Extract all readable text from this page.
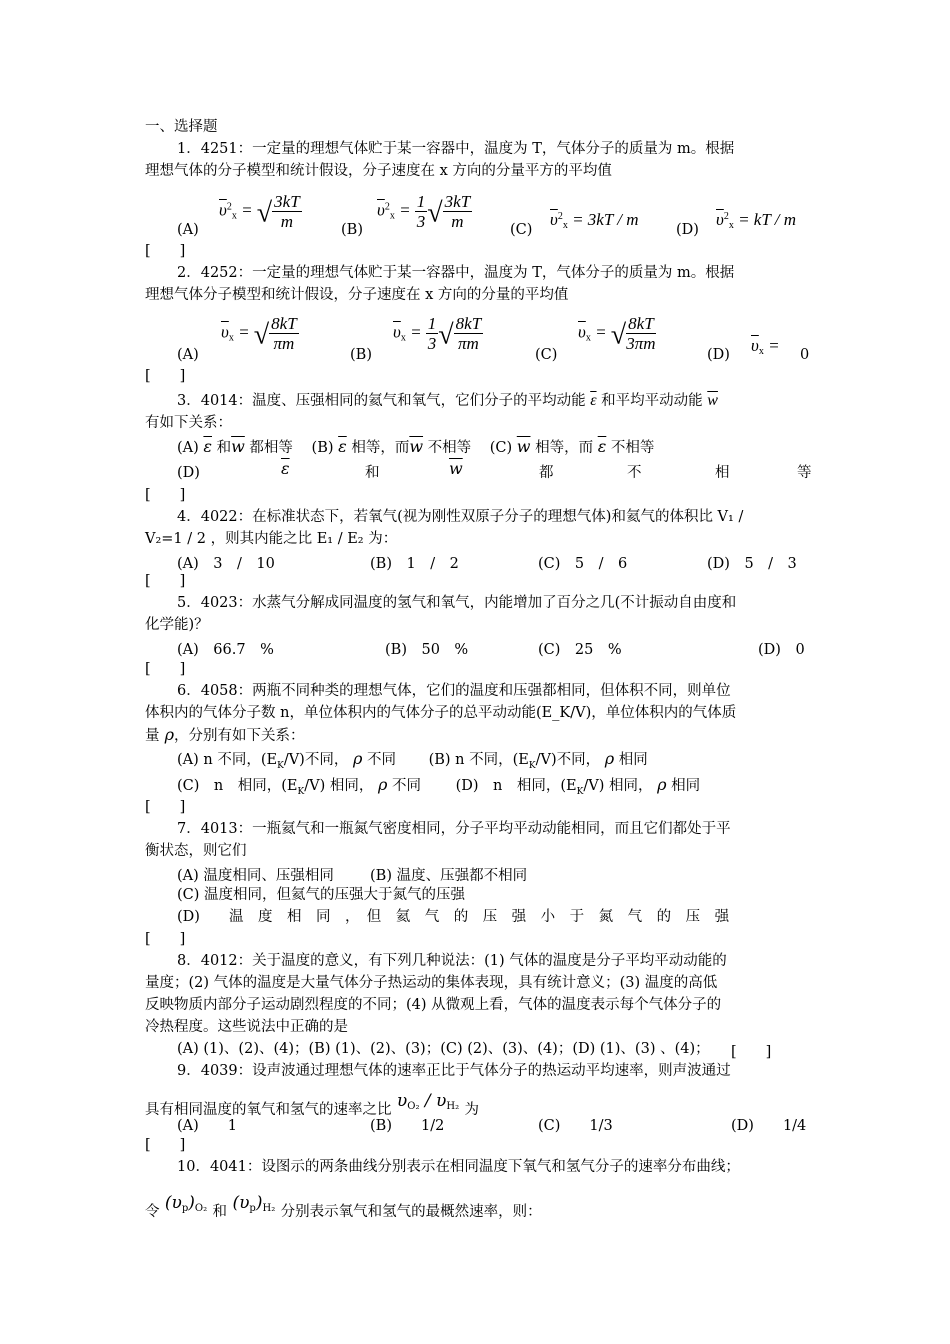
一、选择题
1．4251：一定量的理想气体贮于某一容器中，温度为 T，气体分子的质量为 m。根据
理想气体的分子模型和统计假设，分子速度在 x 方向的分量平方的平均值
(A)
$\overline{\upsilon}^2_x$ = √ $\frac{3kT}{m}$	(B)
$\overline{\upsilon}^2_x = \frac{1}{3}$ √ $\frac{3kT}{m}$	(C)
$\overline{\upsilon}^2_x = 3kT / m$
(D)
$\overline{\upsilon}^2_x$ = kT / m
[　　]
2．4252：一定量的理想气体贮于某一容器中，温度为 T，气体分子的质量为 m。根据
理想气体分子模型和统计假设，分子速度在 x 方向的分量的平均值
(A)
$\overline{\upsilon}_x$ = √ $\frac{8kT}{\pi m}$
(B)
$\overline{\upsilon}_x = \frac{1}{3}$ √ $\frac{8kT}{\pi m}$
(C)
$\overline{\upsilon}_x$ = √ $\frac{8kT}{3\pi m}$
(D) $\overline{\upsilon}_x = 0$
[　　]
3．4014：温度、压强相同的氦气和氧气，它们分子的平均动能 $\overline{\varepsilon}$ 和平均平动动能 $\overline{w}$
有如下关系：
(A) $\overline{\varepsilon}$ 和$\overline{w}$ 都相等 (B) $\overline{\varepsilon}$ 相等，而$\overline{w}$ 不相等 (C) $\overline{w}$ 相等，而 $\overline{\varepsilon}$ 不相等
(D)	$\overline{\varepsilon}$	和	$\overline{w}$	都	不	相	等
[　　]
4．4022：在标准状态下，若氧气(视为刚性双原子分子的理想气体)和氦气的体积比 V₁ /
V₂=1 / 2 ，则其内能之比 E₁ / E₂ 为：
(A)　3　/　10	(B)　1　/　2	(C)　5　/　6	(D)　5　/　3
[　　]
5．4023：水蒸气分解成同温度的氢气和氧气，内能增加了百分之几(不计振动自由度和
化学能)？
(A)　66.7　%	(B)　50　%	(C)　25　%	(D)　0
[　　]
6．4058：两瓶不同种类的理想气体，它们的温度和压强都相同，但体积不同，则单位
体积内的气体分子数 n，单位体积内的气体分子的总平动动能(E_K/V)，单位体积内的气体质
量 ρ，分别有如下关系：
(A) n 不同，$(E_K/V)$不同， ρ 不同 (B) n 不同，$(E_K/V)$不同， ρ 相同
(C)　n　相同，$(E_K/V)$ 相同， ρ 不同 (D)　n　相同，$(E_K/V)$ 相同， ρ 相同
[　　]
7．4013：一瓶氦气和一瓶氮气密度相同，分子平均平动动能相同，而且它们都处于平
衡状态，则它们
(A) 温度相同、压强相同 (B) 温度、压强都不相同
(C) 温度相同，但氦气的压强大于氮气的压强
(D)　　温　度　相　同　，　但　氦　气　的　压　强　小　于　氮　气　的　压　强
[　　]
8．4012：关于温度的意义，有下列几种说法：(1) 气体的温度是分子平均平动动能的
量度；(2) 气体的温度是大量气体分子热运动的集体表现，具有统计意义；(3) 温度的高低
反映物质内部分子运动剧烈程度的不同；(4) 从微观上看，气体的温度表示每个气体分子的
冷热程度。这些说法中正确的是
(A) (1)、(2)、(4)；(B) (1)、(2)、(3)；(C) (2)、(3)、(4)；(D) (1)、(3) 、(4)； [　　]
9．4039：设声波通过理想气体的速率正比于气体分子的热运动平均速率，则声波通过
具有相同温度的氧气和氢气的速率之比 $\upsilon_{O_2} / \upsilon_{H_2}$ 为
(A)　　1	(B)　　1/2	(C)　　1/3	(D)　　1/4
[　　]
10．4041：设图示的两条曲线分别表示在相同温度下氧气和氢气分子的速率分布曲线；
令 $(\upsilon_p)_{O_2}$ 和 $(\upsilon_p)_{H_2}$ 分别表示氧气和氢气的最概然速率，则：
